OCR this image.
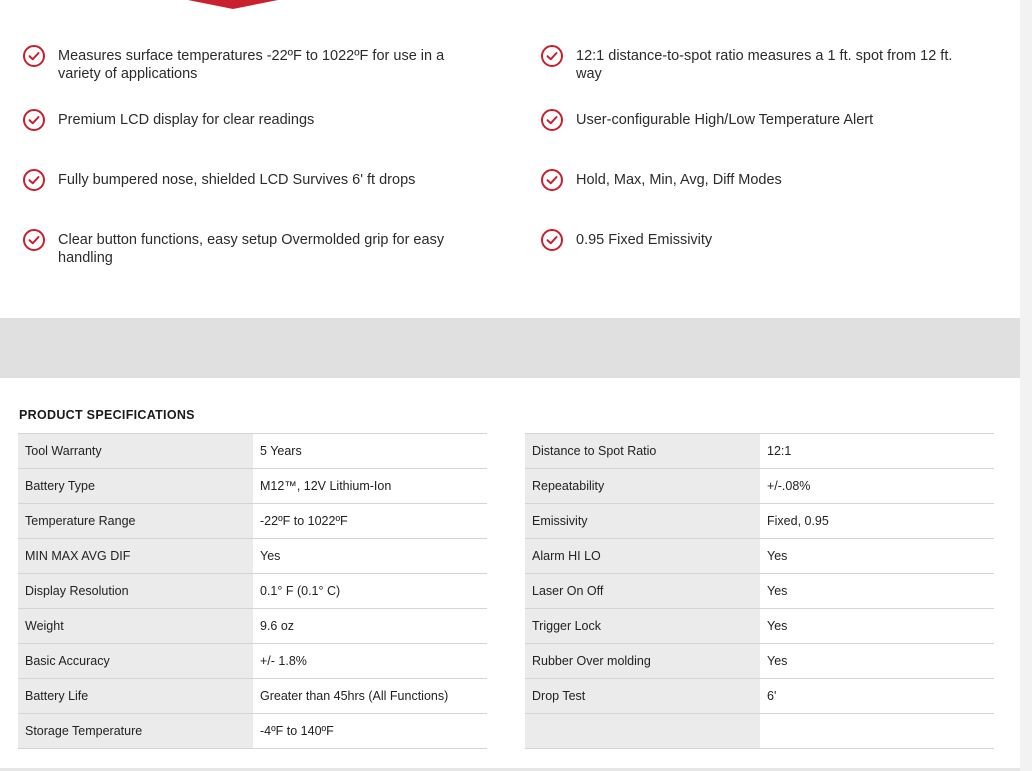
Measures surface temperatures -22ºF to 1022ºF for use in a variety of applications
12:1 distance-to-spot ratio measures a 1 ft. spot from 12 ft. way
Premium LCD display for clear readings	User-configurable High/Low Temperature Alert
Fully bumpered nose, shielded LCD Survives 6' ft drops	Hold, Max, Min, Avg, Diff Modes
Clear button functions, easy setup Overmolded grip for easy handling
0.95 Fixed Emissivity
PRODUCT SPECIFICATIONS
Tool Warranty	5 Years
Battery Type	M12™, 12V Lithium-Ion
Temperature Range	-22ºF to 1022ºF
MIN MAX AVG DIF	Yes
Display Resolution	0.1° F (0.1° C)
Weight	9.6 oz
Basic Accuracy	+/- 1.8%
Battery Life	Greater than 45hrs (All Functions)
Storage Temperature	-4ºF to 140ºF
Distance to Spot Ratio	12:1
Repeatability	+/-.08%
Emissivity	Fixed, 0.95
Alarm HI LO	Yes
Laser On Off	Yes
Trigger Lock	Yes
Rubber Over molding	Yes
Drop Test	6'
